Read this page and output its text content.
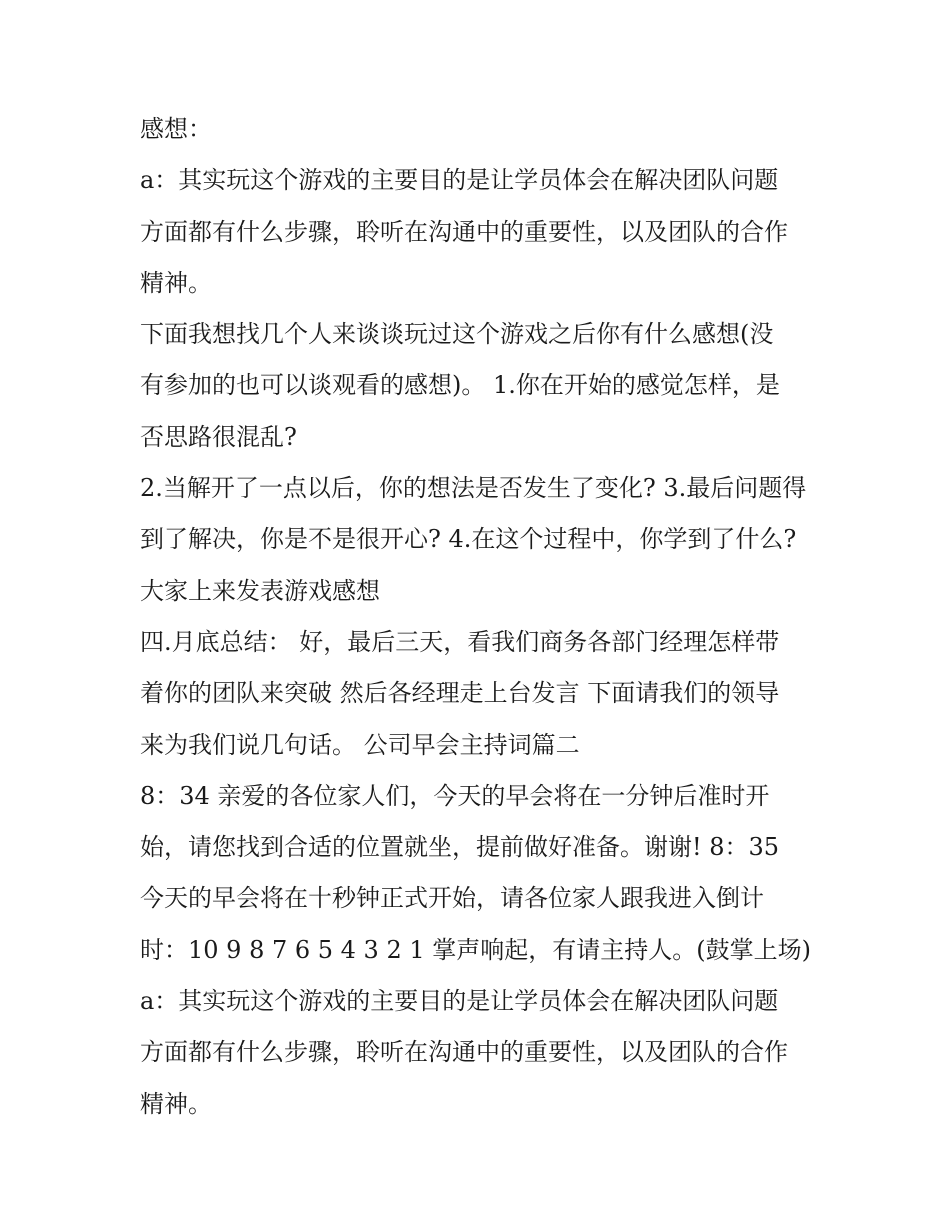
感想：
a：其实玩这个游戏的主要目的是让学员体会在解决团队问题
方面都有什么步骤，聆听在沟通中的重要性，以及团队的合作
精神。
下面我想找几个人来谈谈玩过这个游戏之后你有什么感想(没
有参加的也可以谈观看的感想)。 1.你在开始的感觉怎样，是
否思路很混乱?
2.当解开了一点以后，你的想法是否发生了变化? 3.最后问题得
到了解决，你是不是很开心? 4.在这个过程中，你学到了什么?
大家上来发表游戏感想
四.月底总结： 好，最后三天，看我们商务各部门经理怎样带
着你的团队来突破 然后各经理走上台发言 下面请我们的领导
来为我们说几句话。 公司早会主持词篇二
8：34 亲爱的各位家人们，今天的早会将在一分钟后准时开
始，请您找到合适的位置就坐，提前做好准备。谢谢! 8：35
今天的早会将在十秒钟正式开始，请各位家人跟我进入倒计
时：10 9 8 7 6 5 4 3 2 1 掌声响起，有请主持人。(鼓掌上场)
a：其实玩这个游戏的主要目的是让学员体会在解决团队问题
方面都有什么步骤，聆听在沟通中的重要性，以及团队的合作
精神。
